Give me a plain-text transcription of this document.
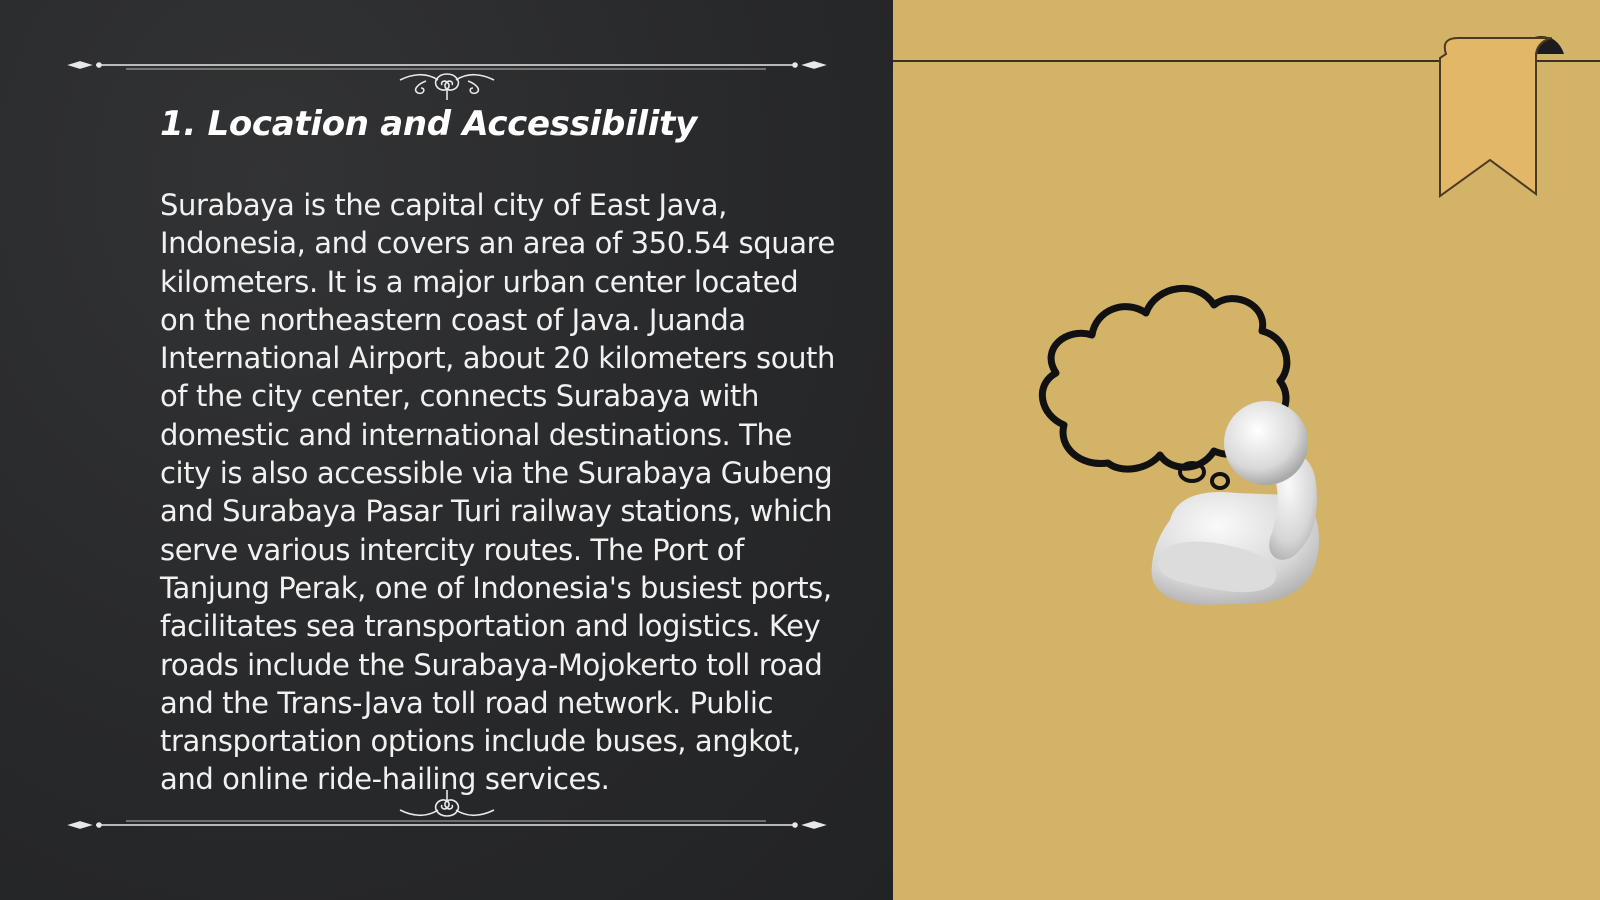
1. Location and Accessibility

Surabaya is the capital city of East Java, Indonesia, and covers an area of 350.54 square kilometers. It is a major urban center located on the northeastern coast of Java. Juanda International Airport, about 20 kilometers south of the city center, connects Surabaya with domestic and international destinations. The city is also accessible via the Surabaya Gubeng and Surabaya Pasar Turi railway stations, which serve various intercity routes. The Port of Tanjung Perak, one of Indonesia's busiest ports, facilitates sea transportation and logistics. Key roads include the Surabaya-Mojokerto toll road and the Trans-Java toll road network. Public transportation options include buses, angkot, and online ride-hailing services.
